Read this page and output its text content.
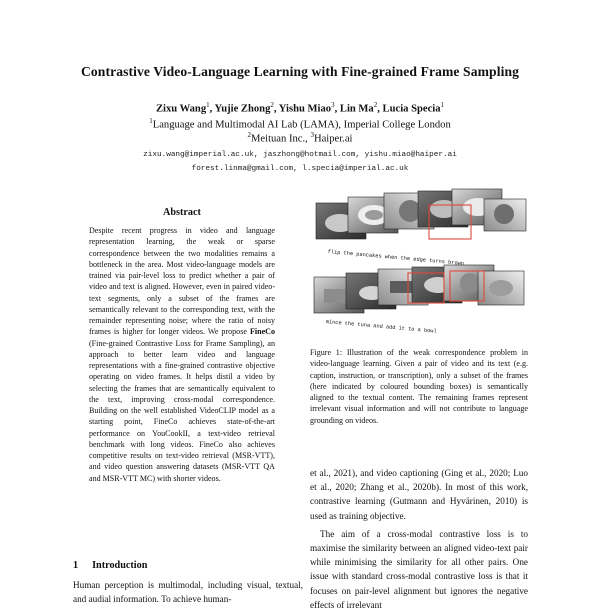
Contrastive Video-Language Learning with Fine-grained Frame Sampling
Zixu Wang$^1$, Yujie Zhong$^2$, Yishu Miao$^3$, Lin Ma$^2$, Lucia Specia$^1$
$^1$Language and Multimodal AI Lab (LAMA), Imperial College London
$^2$Meituan Inc., $^3$Haiper.ai
zixu.wang@imperial.ac.uk, jaszhong@hotmail.com, yishu.miao@haiper.ai
forest.linma@gmail.com, l.specia@imperial.ac.uk
Abstract
Despite recent progress in video and language representation learning, the weak or sparse correspondence between the two modalities remains a bottleneck in the area. Most video-language models are trained via pair-level loss to predict whether a pair of video and text is aligned. However, even in paired video-text segments, only a subset of the frames are semantically relevant to the corresponding text, with the remainder representing noise; where the ratio of noisy frames is higher for longer videos. We propose FineCo (Fine-grained Contrastive Loss for Frame Sampling), an approach to better learn video and language representations with a fine-grained contrastive objective operating on video frames. It helps distil a video by selecting the frames that are semantically equivalent to the text, improving cross-modal correspondence. Building on the well established VideoCLIP model as a starting point, FineCo achieves state-of-the-art performance on YouCookII, a text-video retrieval benchmark with long videos. FineCo also achieves competitive results on text-video retrieval (MSR-VTT), and video question answering datasets (MSR-VTT QA and MSR-VTT MC) with shorter videos.
1 Introduction
Human perception is multimodal, including visual, textual, and audial information. To achieve human-
flip the pancakes when the edge turns brown
mince the tuna and add it to a bowl
Figure 1: Illustration of the weak correspondence problem in video-language learning. Given a pair of video and its text (e.g. caption, instruction, or transcription), only a subset of the frames (here indicated by coloured bounding boxes) is semantically aligned to the textual content. The remaining frames represent irrelevant visual information and will not contribute to language grounding on videos.

et al., 2021), and video captioning (Ging et al., 2020; Luo et al., 2020; Zhang et al., 2020b). In most of this work, contrastive learning (Gutmann and Hyvärinen, 2010) is used as training objective.

The aim of a cross-modal contrastive loss is to maximise the similarity between an aligned video-text pair while minimising the similarity for all other pairs. One issue with standard cross-modal contrastive loss is that it focuses on pair-level alignment but ignores the negative effects of irrelevant
